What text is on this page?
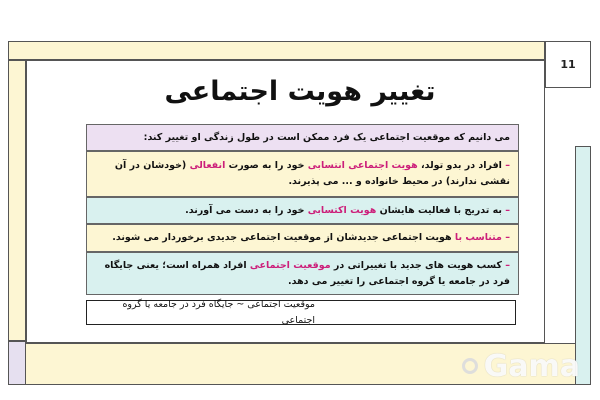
11
تغییر هویت اجتماعی
می دانیم که موقعیت اجتماعی یک فرد ممکن است در طول زندگی او تغییر کند:
– افراد در بدو تولد، هویت اجتماعی انتسابی خود را به صورت انفعالی (خودشان در آن نقشی ندارند) در محیط خانواده و ... می پذیرند.
– به تدریج با فعالیت هایشان هویت اکتسابی خود را به دست می آورند.
– متناسب با هویت اجتماعی جدیدشان از موقعیت اجتماعی جدیدی برخوردار می شوند.
– کسب هویت های جدید با تغییراتی در موقعیت اجتماعی افراد همراه است؛ یعنی جایگاه فرد در جامعه یا گروه اجتماعی را تغییر می دهد.
موقعیت اجتماعی ~ جایگاه فرد در جامعه یا گروه اجتماعی
Gama
